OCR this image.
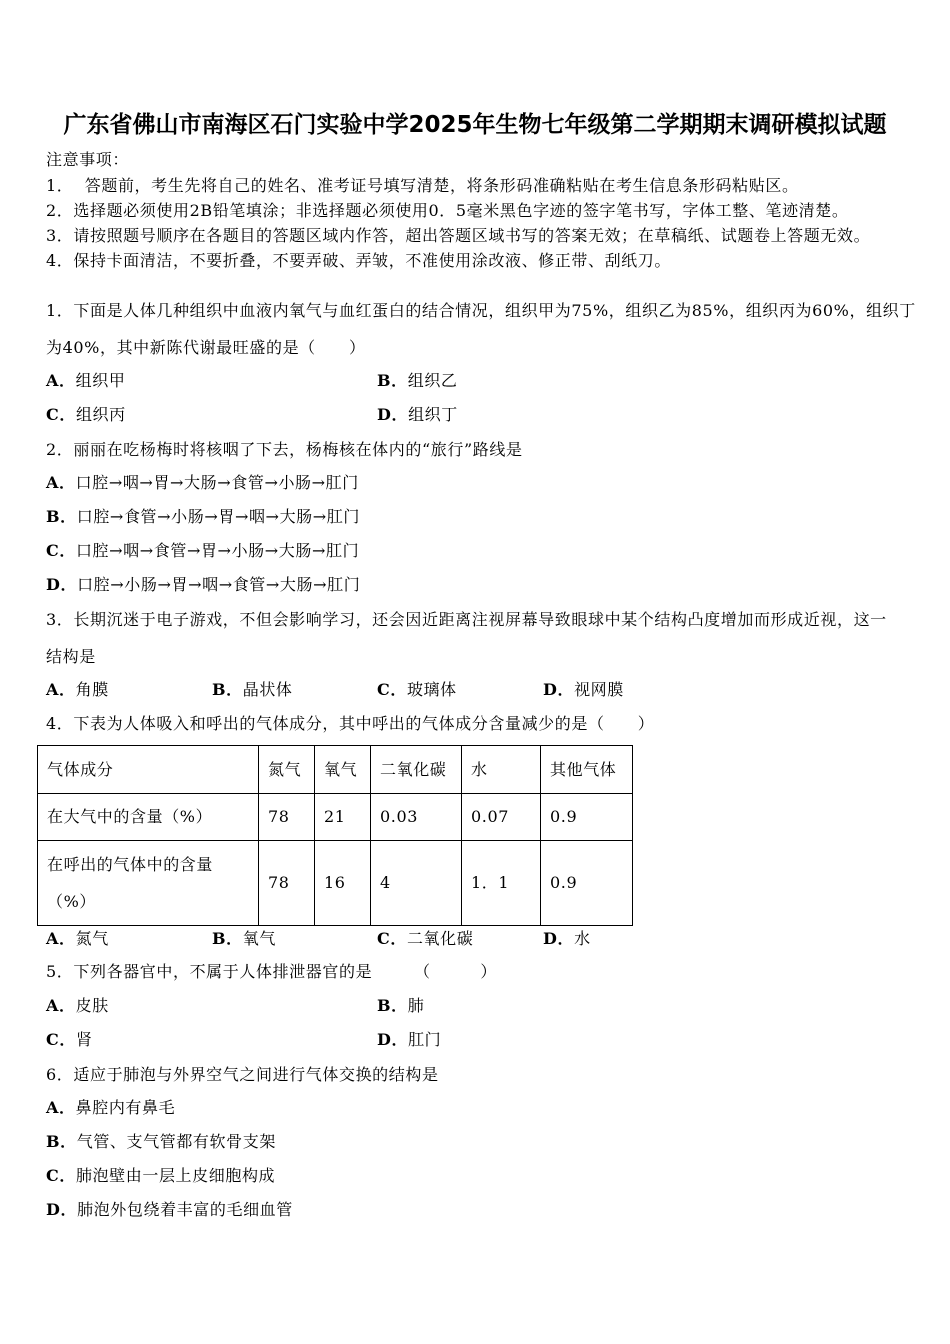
广东省佛山市南海区石门实验中学2025年生物七年级第二学期期末调研模拟试题
注意事项：
1．  答题前，考生先将自己的姓名、准考证号填写清楚，将条形码准确粘贴在考生信息条形码粘贴区。
2．选择题必须使用2B铅笔填涂；非选择题必须使用0．5毫米黑色字迹的签字笔书写，字体工整、笔迹清楚。
3．请按照题号顺序在各题目的答题区域内作答，超出答题区域书写的答案无效；在草稿纸、试题卷上答题无效。
4．保持卡面清洁，不要折叠，不要弄破、弄皱，不准使用涂改液、修正带、刮纸刀。
1．下面是人体几种组织中血液内氧气与血红蛋白的结合情况，组织甲为75%，组织乙为85%，组织丙为60%，组织丁
为40%，其中新陈代谢最旺盛的是（　　）
A．组织甲	B．组织乙
C．组织丙	D．组织丁
2．丽丽在吃杨梅时将核咽了下去，杨梅核在体内的“旅行”路线是
A．口腔→咽→胃→大肠→食管→小肠→肛门
B．口腔→食管→小肠→胃→咽→大肠→肛门
C．口腔→咽→食管→胃→小肠→大肠→肛门
D．口腔→小肠→胃→咽→食管→大肠→肛门
3．长期沉迷于电子游戏，不但会影响学习，还会因近距离注视屏幕导致眼球中某个结构凸度增加而形成近视，这一
结构是
A．角膜	B．晶状体	C．玻璃体	D．视网膜
4．下表为人体吸入和呼出的气体成分，其中呼出的气体成分含量减少的是（　　）
气体成分	氮气	氧气	二氧化碳	水	其他气体
在大气中的含量（%）	78	21	0.03	0.07	0.9
在呼出的气体中的含量（%）	78	16	4	1．1	0.9
A．氮气	B．氧气	C．二氧化碳	D．水
5．下列各器官中，不属于人体排泄器官的是　　　（　　　）
A．皮肤	B．肺
C．肾	D．肛门
6．适应于肺泡与外界空气之间进行气体交换的结构是
A．鼻腔内有鼻毛
B．气管、支气管都有软骨支架
C．肺泡壁由一层上皮细胞构成
D．肺泡外包绕着丰富的毛细血管
